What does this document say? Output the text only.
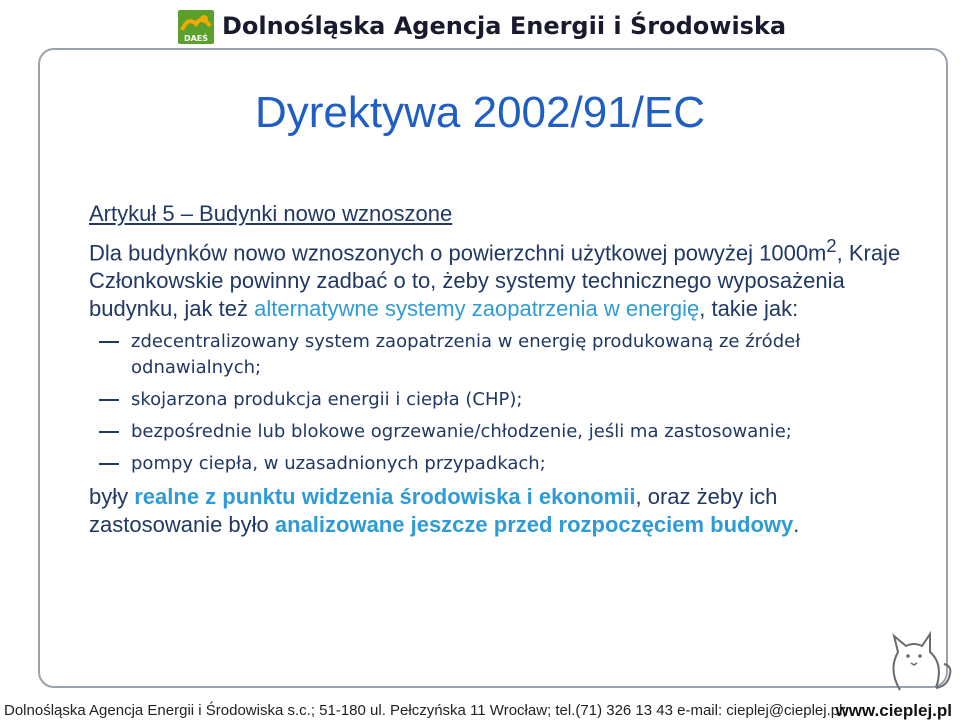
DAEŚ Dolnośląska Agencja Energii i Środowiska
Dyrektywa 2002/91/EC
Artykuł 5 – Budynki nowo wznoszone

Dla budynków nowo wznoszonych o powierzchni użytkowej powyżej $1000m^2$, Kraje Członkowskie powinny zadbać o to, żeby systemy technicznego wyposażenia budynku, jak też alternatywne systemy zaopatrzenia w energię, takie jak:

zdecentralizowany system zaopatrzenia w energię produkowaną ze źródeł odnawialnych;
skojarzona produkcja energii i ciepła (CHP);
bezpośrednie lub blokowe ogrzewanie/chłodzenie, jeśli ma zastosowanie;
pompy ciepła, w uzasadnionych przypadkach;

były realne z punktu widzenia środowiska i ekonomii, oraz żeby ich zastosowanie było analizowane jeszcze przed rozpoczęciem budowy.

Dolnośląska Agencja Energii i Środowiska s.c.; 51-180 ul. Pełczyńska 11 Wrocław; tel.(71) 326 13 43 e-mail: cieplej@cieplej.pl;
www.cieplej.pl
